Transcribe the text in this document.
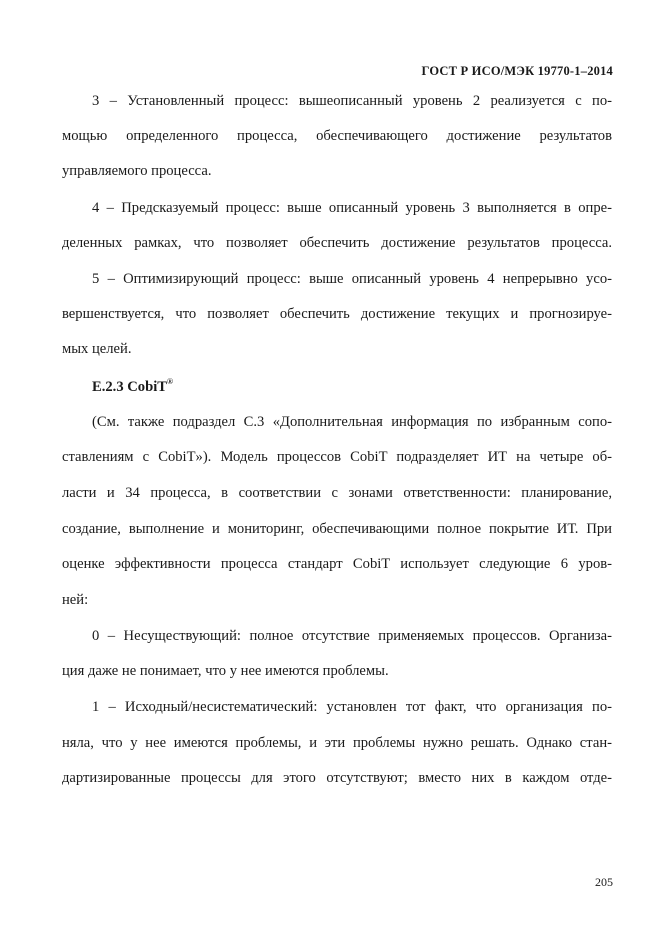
ГОСТ Р ИСО/МЭК 19770-1–2014
3 – Установленный процесс: вышеописанный уровень 2 реализуется с по-
мощью определенного процесса, обеспечивающего достижение результатов
управляемого процесса.
4 – Предсказуемый процесс: выше описанный уровень 3 выполняется в опре-
деленных рамках, что позволяет обеспечить достижение результатов процесса.
5 – Оптимизирующий процесс: выше описанный уровень 4 непрерывно усо-
вершенствуется, что позволяет обеспечить достижение текущих и прогнозируе-
мых целей.
Е.2.3 CobiT®
(См. также подраздел С.3 «Дополнительная информация по избранным сопо-
ставлениям с CobiT»). Модель процессов CobiT подразделяет ИТ на четыре об-
ласти и 34 процесса, в соответствии с зонами ответственности: планирование,
создание, выполнение и мониторинг, обеспечивающими полное покрытие ИТ. При
оценке эффективности процесса стандарт CobiT использует следующие 6 уров-
ней:
0 – Несуществующий: полное отсутствие применяемых процессов. Организа-
ция даже не понимает, что у нее имеются проблемы.
1 – Исходный/несистематический: установлен тот факт, что организация по-
няла, что у нее имеются проблемы, и эти проблемы нужно решать. Однако стан-
дартизированные процессы для этого отсутствуют; вместо них в каждом отде-
205
